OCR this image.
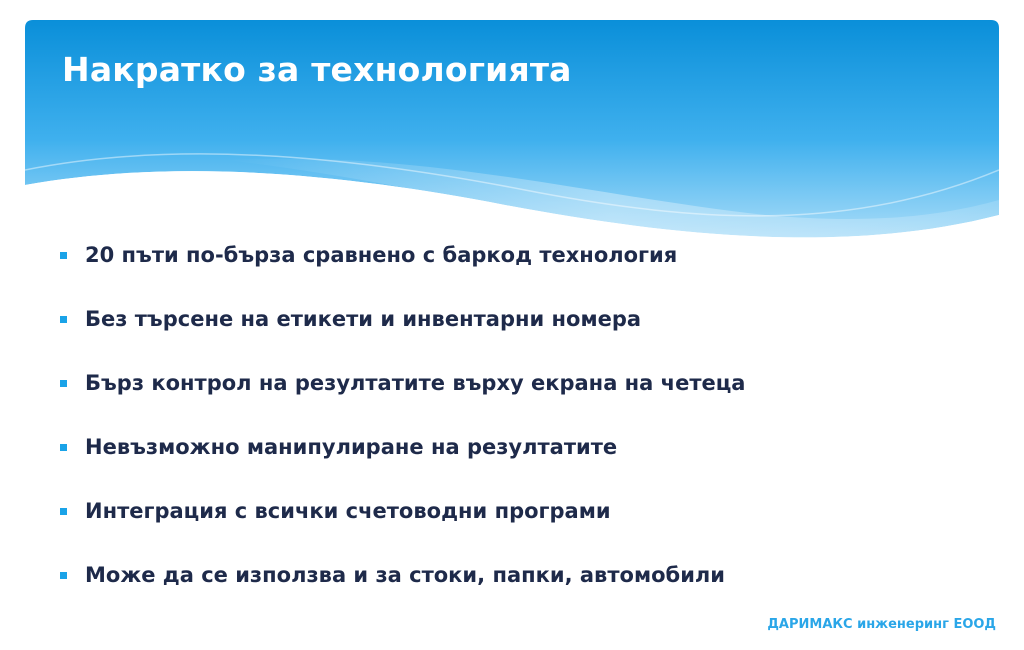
Накратко за технологията
20 пъти по-бърза сравнено с баркод технология
Без търсене на етикети и инвентарни номера
Бърз контрол на резултатите върху екрана на четеца
Невъзможно манипулиране на резултатите
Интеграция с всички счетоводни програми
Може да се използва и за стоки, папки, автомобили
ДАРИМАКС инженеринг ЕООД
